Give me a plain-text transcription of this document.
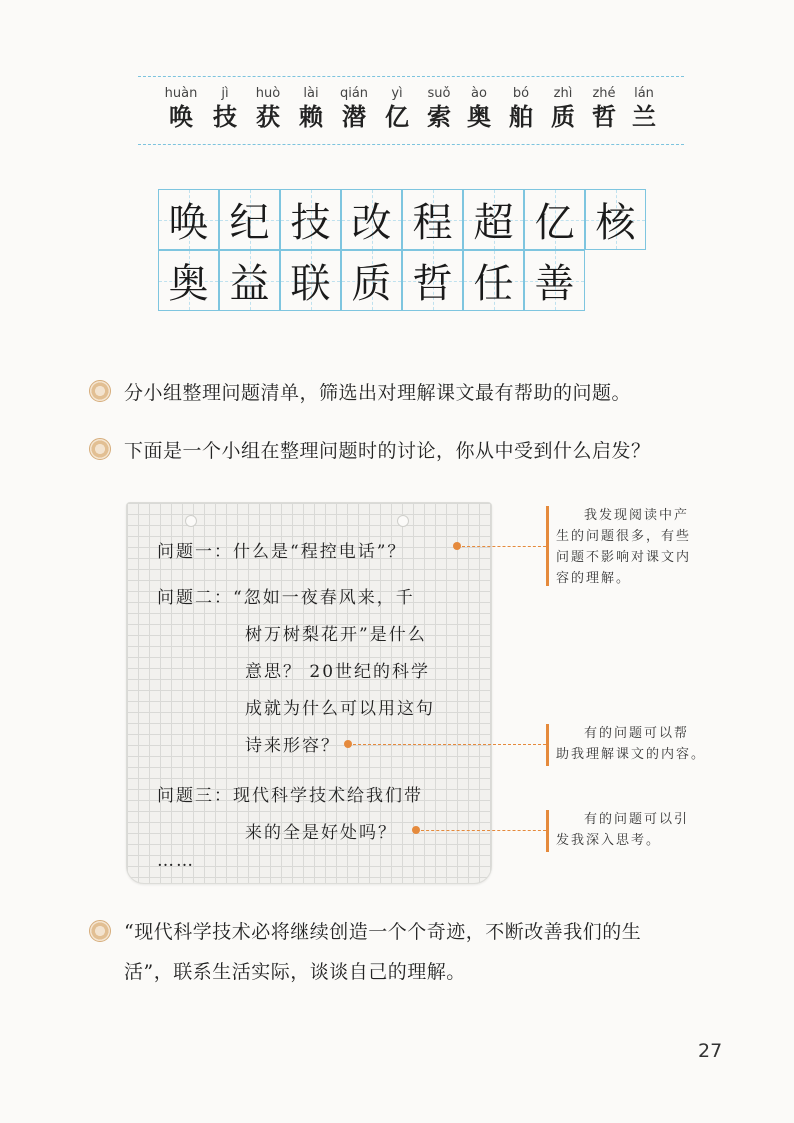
huàn
唤
jì
技
huò
获
lài
赖
qián
潜
yì
亿
suǒ
索
ào
奥
bó
舶
zhì
质
zhé
哲
lán
兰
唤 纪 技 改 程 超 亿 核
奥 益 联 质 哲 任 善
分小组整理问题清单，筛选出对理解课文最有帮助的问题。
下面是一个小组在整理问题时的讨论，你从中受到什么启发？
问题一：什么是“程控电话”？
问题二：“忽如一夜春风来，千
树万树梨花开”是什么
意思？ 20世纪的科学
成就为什么可以用这句
诗来形容？
问题三：现代科学技术给我们带
来的全是好处吗？
……
我发现阅读中产
生的问题很多，有些
问题不影响对课文内
容的理解。
有的问题可以帮
助我理解课文的内容。
有的问题可以引
发我深入思考。
“现代科学技术必将继续创造一个个奇迹，不断改善我们的生
活”，联系生活实际，谈谈自己的理解。
27
